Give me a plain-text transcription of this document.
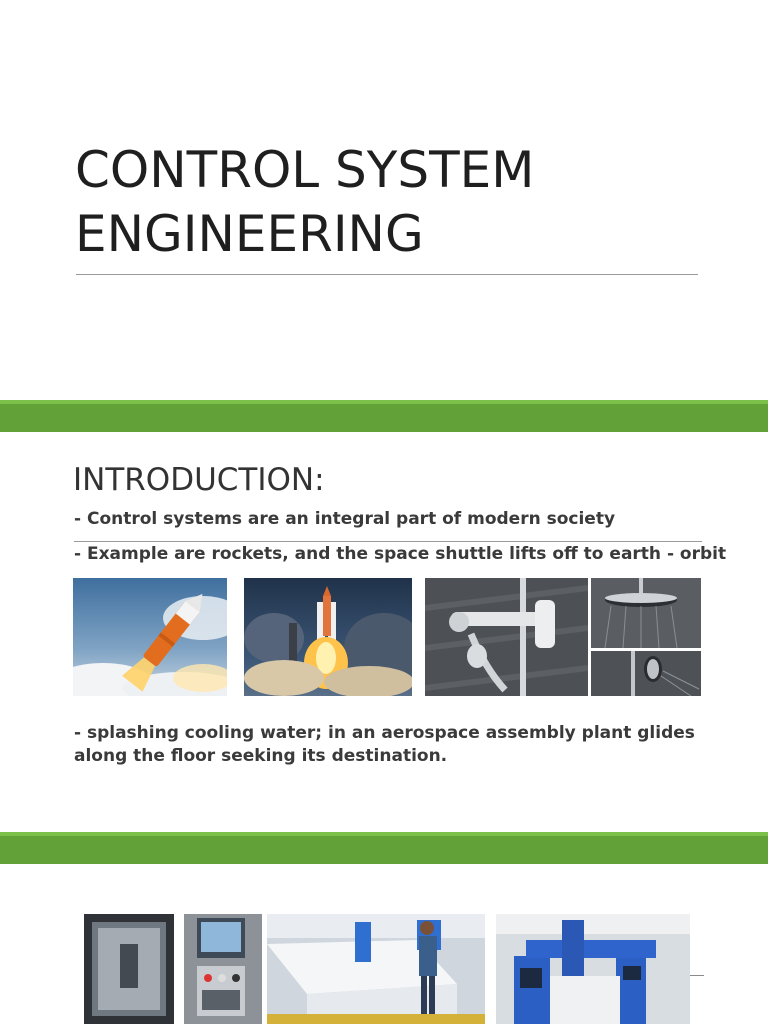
CONTROL SYSTEM
ENGINEERING
INTRODUCTION:

- Control systems are an integral part of modern society

- Example are rockets, and the space shuttle lifts off to earth - orbit

- splashing cooling water; in an aerospace assembly plant glides along the floor seeking its destination.
